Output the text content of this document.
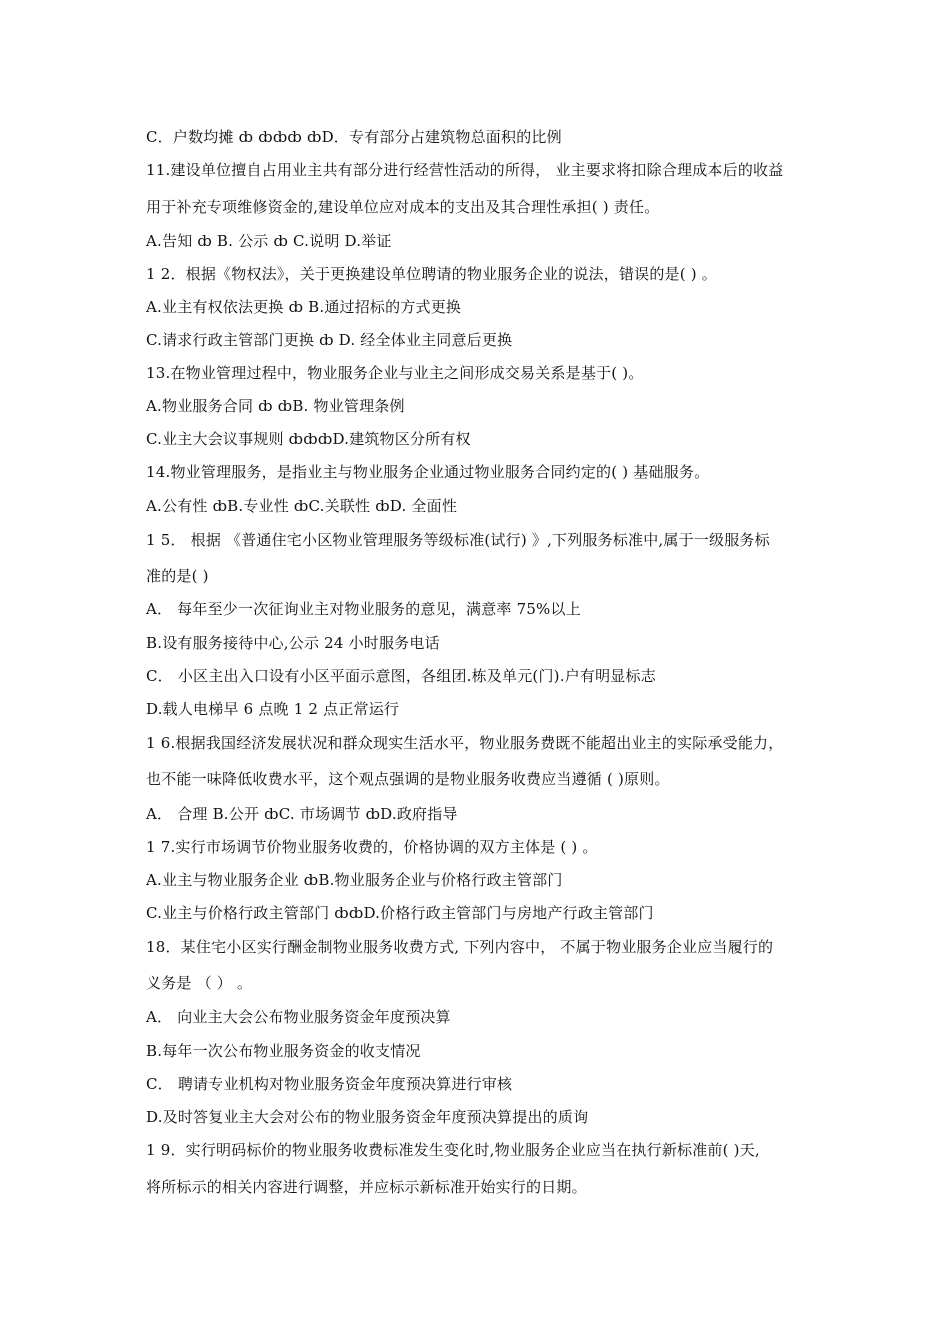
C．户数均摊 ȸ ȸȸȸ ȸD．专有部分占建筑物总面积的比例
11.建设单位擅自占用业主共有部分进行经营性活动的所得， 业主要求将扣除合理成本后的收益
用于补充专项维修资金的,建设单位应对成本的支出及其合理性承担( ) 责任。
A.告知 ȸ B. 公示 ȸ C.说明 D.举证
1 2．根据《物权法》，关于更换建设单位聘请的物业服务企业的说法，错误的是( ) 。
A.业主有权依法更换 ȸ B.通过招标的方式更换
C.请求行政主管部门更换 ȸ D. 经全体业主同意后更换
13.在物业管理过程中，物业服务企业与业主之间形成交易关系是基于( )。
A.物业服务合同 ȸ ȸB. 物业管理条例
C.业主大会议事规则 ȸȸȸD.建筑物区分所有权
14.物业管理服务，是指业主与物业服务企业通过物业服务合同约定的( ) 基础服务。
A.公有性 ȸB.专业性 ȸC.关联性 ȸD. 全面性
1 5． 根据 《普通住宅小区物业管理服务等级标准(试行) 》,下列服务标准中,属于一级服务标
准的是( )
A． 每年至少一次征询业主对物业服务的意见，满意率 75%以上
B.设有服务接待中心,公示 24 小时服务电话
C． 小区主出入口设有小区平面示意图，各组团.栋及单元(门).户有明显标志
D.载人电梯早 6 点晚 1 2 点正常运行
1 6.根据我国经济发展状况和群众现实生活水平，物业服务费既不能超出业主的实际承受能力，
也不能一味降低收费水平，这个观点强调的是物业服务收费应当遵循 ( )原则。
A． 合理 B.公开 ȸC. 市场调节 ȸD.政府指导
1 7.实行市场调节价物业服务收费的，价格协调的双方主体是 ( ) 。
A.业主与物业服务企业 ȸB.物业服务企业与价格行政主管部门
C.业主与价格行政主管部门 ȸȸD.价格行政主管部门与房地产行政主管部门
18．某住宅小区实行酬金制物业服务收费方式, 下列内容中， 不属于物业服务企业应当履行的
义务是 （ ） 。
A． 向业主大会公布物业服务资金年度预决算
B.每年一次公布物业服务资金的收支情况
C． 聘请专业机构对物业服务资金年度预决算进行审核
D.及时答复业主大会对公布的物业服务资金年度预决算提出的质询
1 9．实行明码标价的物业服务收费标准发生变化时,物业服务企业应当在执行新标准前( )天,
将所标示的相关内容进行调整，并应标示新标准开始实行的日期。
